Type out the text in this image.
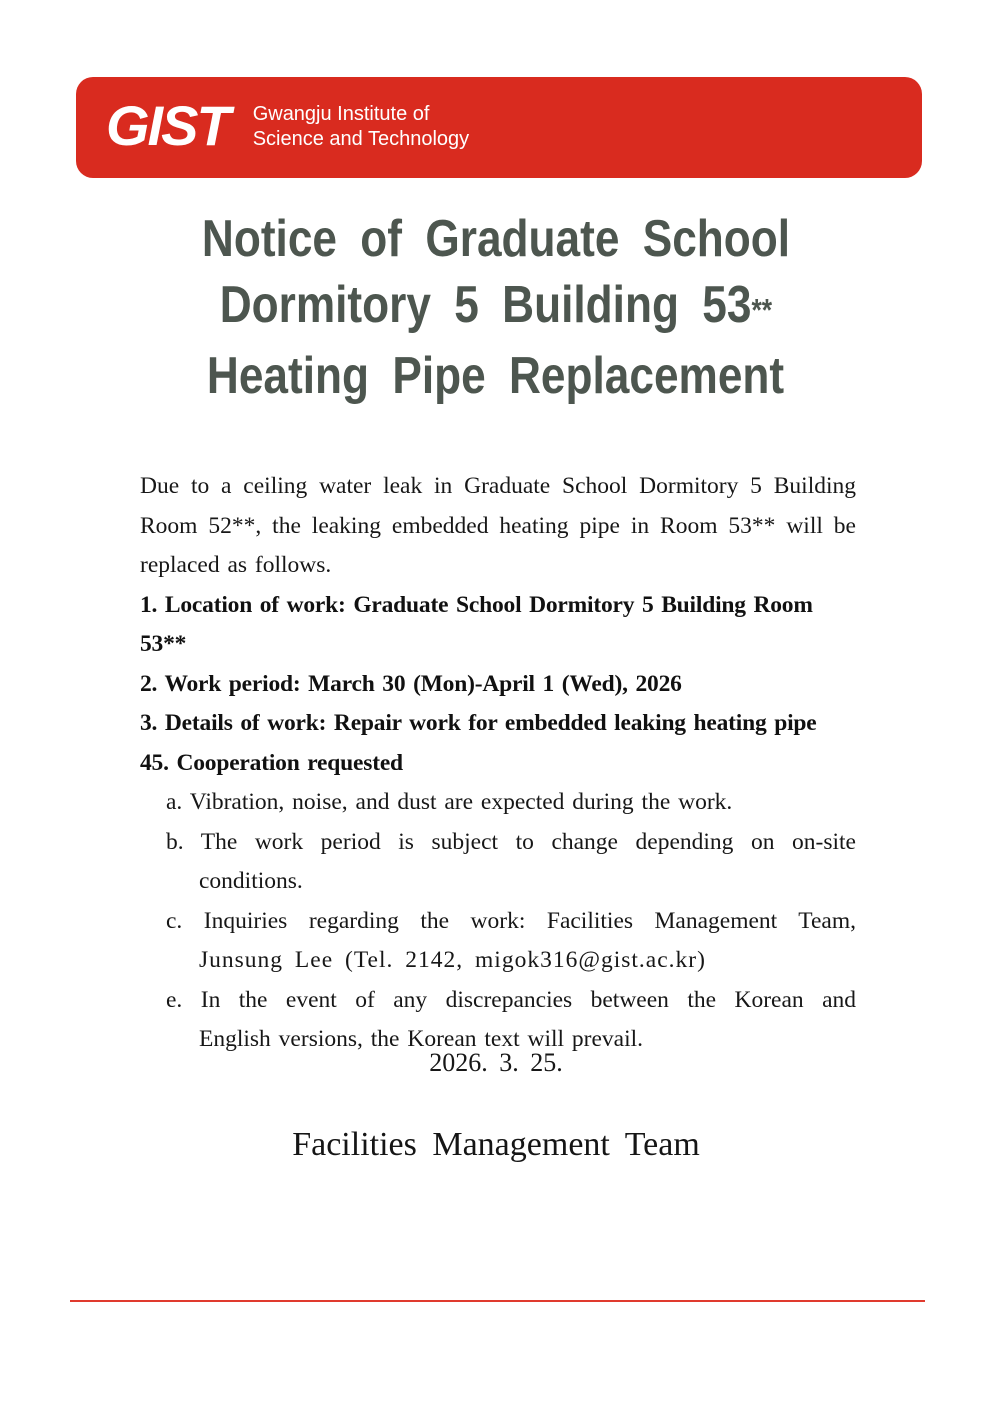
GIST Gwangju Institute of
Science and Technology
Notice of Graduate School
Dormitory 5 Building 53**
Heating Pipe Replacement
Due to a ceiling water leak in Graduate School Dormitory 5 Building
Room 52**, the leaking embedded heating pipe in Room 53** will be
replaced as follows.
1. Location of work: Graduate School Dormitory 5 Building Room 53**
2. Work period: March 30 (Mon)-April 1 (Wed), 2026
3. Details of work: Repair work for embedded leaking heating pipe
45. Cooperation requested
a. Vibration, noise, and dust are expected during the work.
b. The work period is subject to change depending on on-site
conditions.
c. Inquiries regarding the work: Facilities Management Team,
Junsung Lee (Tel. 2142, migok316@gist.ac.kr)
e. In the event of any discrepancies between the Korean and
English versions, the Korean text will prevail.
2026. 3. 25.
Facilities Management Team
